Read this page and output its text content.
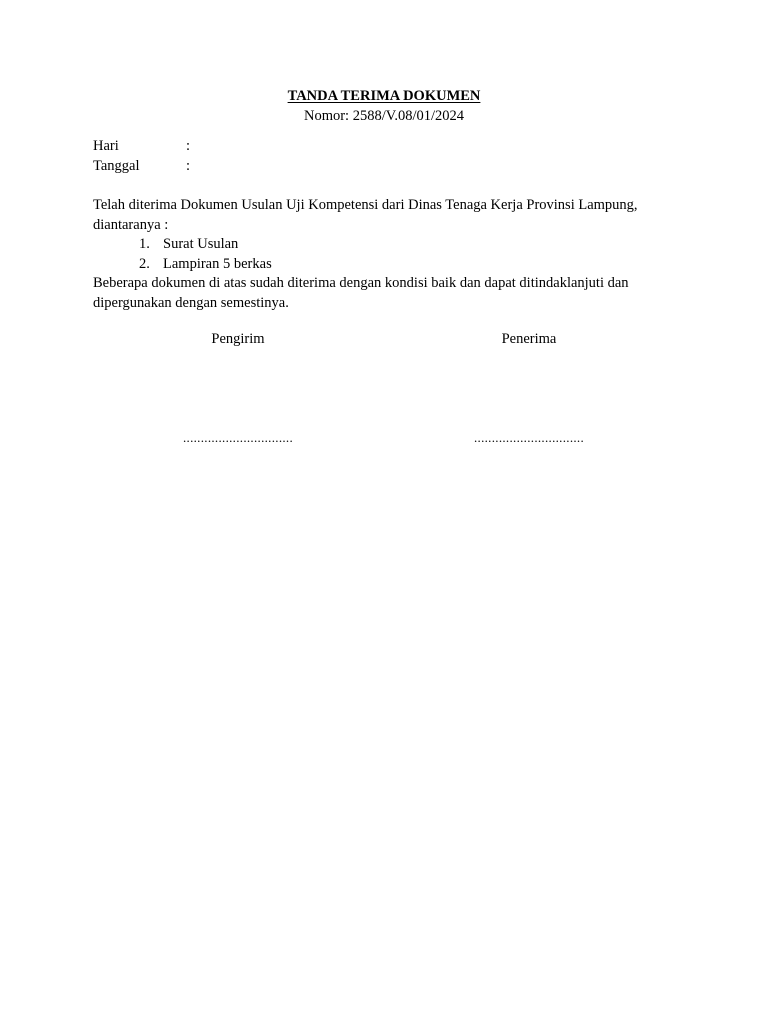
TANDA TERIMA DOKUMEN
Nomor: 2588/V.08/01/2024
Hari	:
Tanggal	:
Telah diterima Dokumen Usulan Uji Kompetensi dari Dinas Tenaga Kerja Provinsi Lampung, diantaranya :
1. Surat Usulan
2. Lampiran 5 berkas
Beberapa dokumen di atas sudah diterima dengan kondisi baik dan dapat ditindaklanjuti dan dipergunakan dengan semestinya.
Pengirim	Penerima
...............................	...............................
